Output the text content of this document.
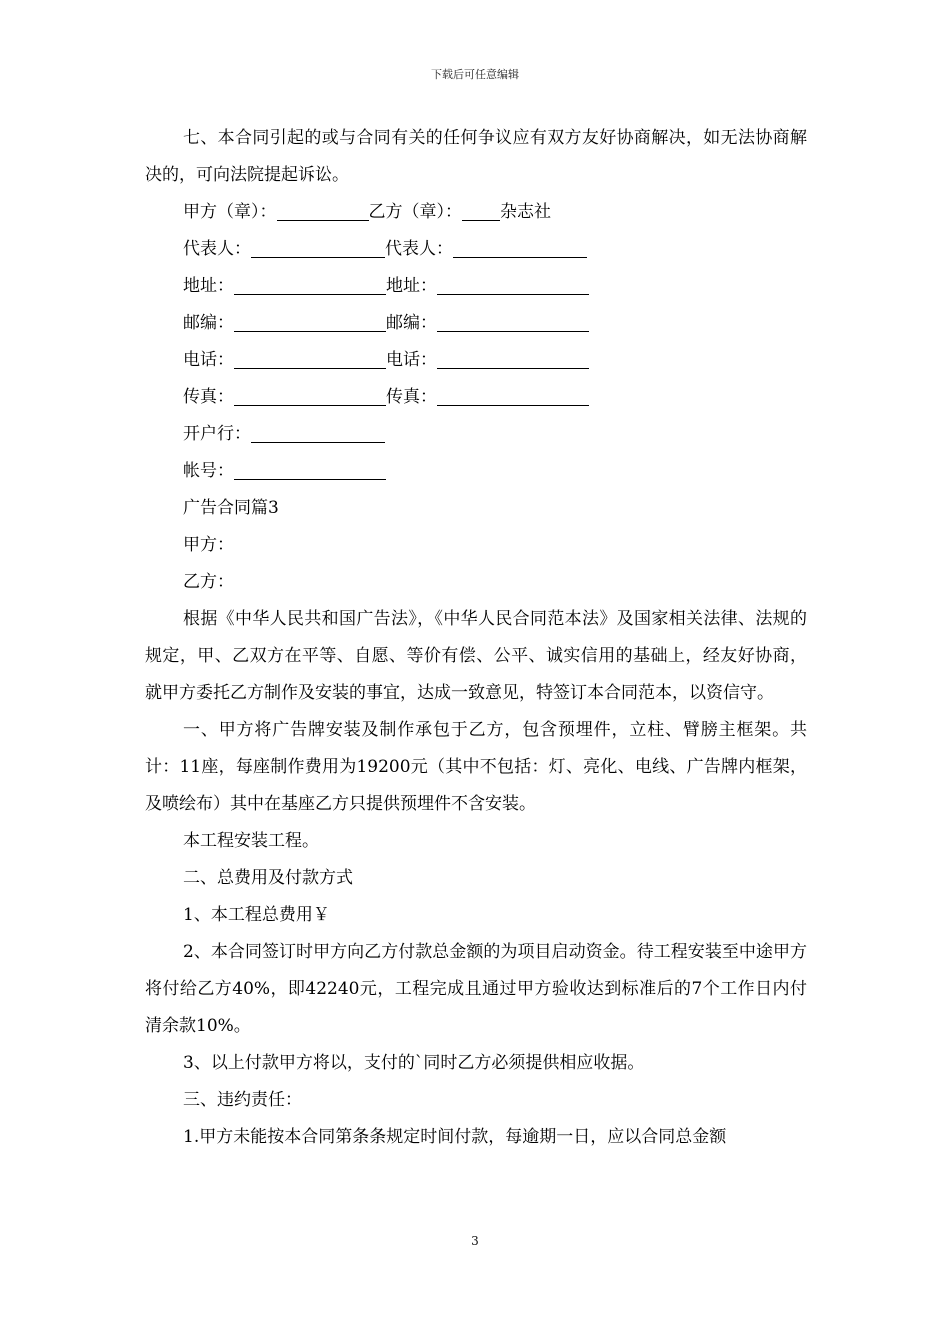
下载后可任意编辑

七、本合同引起的或与合同有关的任何争议应有双方友好协商解决，如无法协商解决的，可向法院提起诉讼。

甲方（章）：	乙方（章）： 杂志社

代表人：	代表人：

地址：	地址：

邮编：	邮编：

电话：	电话：

传真：	传真：

开户行：

帐号：

广告合同篇3

甲方：

乙方：

根据《中华人民共和国广告法》，《中华人民合同范本法》及国家相关法律、法规的规定，甲、乙双方在平等、自愿、等价有偿、公平、诚实信用的基础上，经友好协商，就甲方委托乙方制作及安装的事宜，达成一致意见，特签订本合同范本，以资信守。

一、甲方将广告牌安装及制作承包于乙方，包含预埋件，立柱、臂膀主框架。共计：11座，每座制作费用为19200元（其中不包括：灯、亮化、电线、广告牌内框架，及喷绘布）其中在基座乙方只提供预埋件不含安装。

本工程安装工程。

二、总费用及付款方式

1、本工程总费用￥

2、本合同签订时甲方向乙方付款总金额的为项目启动资金。待工程安装至中途甲方将付给乙方40%，即42240元，工程完成且通过甲方验收达到标准后的7个工作日内付清余款10%。

3、以上付款甲方将以，支付的`同时乙方必须提供相应收据。

三、违约责任：

1.甲方未能按本合同第条条规定时间付款，每逾期一日，应以合同总金额

3
